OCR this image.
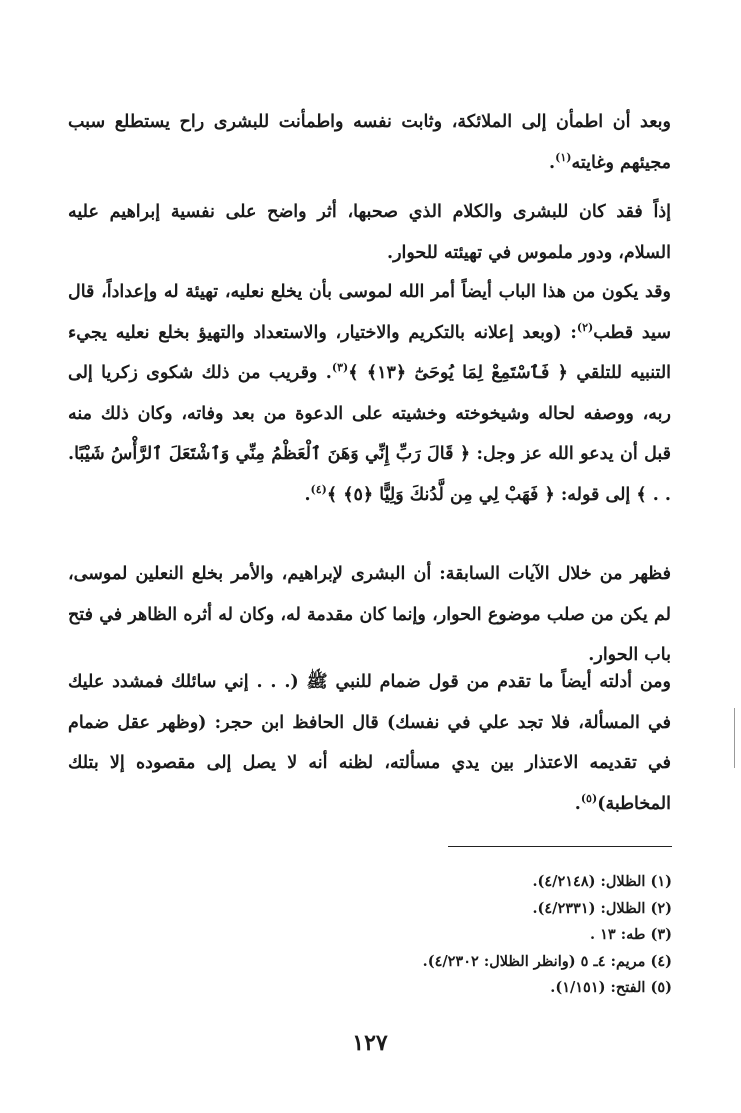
وبعد أن اطمأن إلى الملائكة، وثابت نفسه واطمأنت للبشرى راح يستطلع سبب مجيئهم وغايته$^{(١)}$.

إذاً فقد كان للبشرى والكلام الذي صحبها، أثر واضح على نفسية إبراهيم عليه السلام، ودور ملموس في تهيئته للحوار.

وقد يكون من هذا الباب أيضاً أمر الله لموسى بأن يخلع نعليه، تهيئة له وإعداداً، قال سيد قطب$^{(٢)}$: (وبعد إعلانه بالتكريم والاختيار، والاستعداد والتهيؤ بخلع نعليه يجيء التنبيه للتلقي ﴿ فَٱسْتَمِعْ لِمَا يُوحَىٰٓ ﴿١٣﴾ ﴾$^{(٣)}$. وقريب من ذلك شكوى زكريا إلى ربه، ووصفه لحاله وشيخوخته وخشيته على الدعوة من بعد وفاته، وكان ذلك منه قبل أن يدعو الله عز وجل: ﴿ قَالَ رَبِّ إِنِّي وَهَنَ ٱلْعَظْمُ مِنِّي وَٱشْتَعَلَ ٱلرَّأْسُ شَيْبًا. . . ﴾ إلى قوله: ﴿ فَهَبْ لِي مِن لَّدُنكَ وَلِيًّا ﴿٥﴾ ﴾$^{(٤)}$.

فظهر من خلال الآيات السابقة: أن البشرى لإبراهيم، والأمر بخلع النعلين لموسى، لم يكن من صلب موضوع الحوار، وإنما كان مقدمة له، وكان له أثره الظاهر في فتح باب الحوار.

ومن أدلته أيضاً ما تقدم من قول ضمام للنبي ﷺ (. . . إني سائلك فمشدد عليك في المسألة، فلا تجد علي في نفسك) قال الحافظ ابن حجر: (وظهر عقل ضمام في تقديمه الاعتذار بين يدي مسألته، لظنه أنه لا يصل إلى مقصوده إلا بتلك المخاطبة)$^{(٥)}$.

(١) الظلال: (٤/٢١٤٨).
(٢) الظلال: (٤/٢٣٣١).
(٣) طه: ١٣ .
(٤) مريم: ٤ـ ٥ (وانظر الظلال: ٤/٢٣٠٢).
(٥) الفتح: (١/١٥١).
١٢٧
